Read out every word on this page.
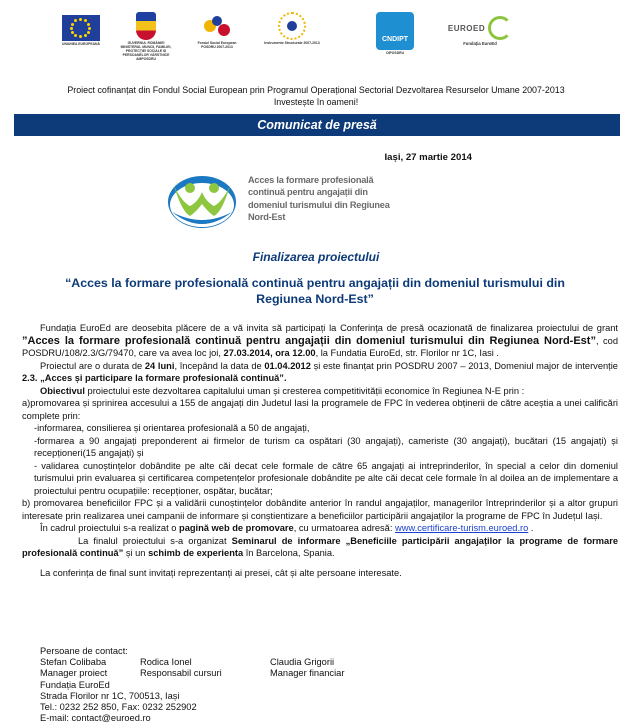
UNIUNEA EUROPEANĂ	GUVERNUL ROMÂNIEI MINISTERUL MUNCII, FAMILIEI, PROTECȚIEI SOCIALE ȘI PERSOANELOR VÂRSTNICE AMPOSDRU
Fondul Social European POSDRU 2007-2013
Instrumente Structurale 2007-2013	CNDIPT
OIPOSDRU
EUROED
Fundația EuroEd
Proiect cofinanțat din Fondul Social European prin Programul Operațional Sectorial Dezvoltarea Resurselor Umane 2007-2013
Investește în oameni!
Comunicat de presă
Iași, 27 martie 2014
Acces la formare profesională continuă pentru angajații din domeniul turismului din Regiunea Nord-Est
Finalizarea proiectului
“Acces la formare profesională continuă pentru angajații din domeniul turismului din Regiunea Nord-Est”

Fundația EuroEd are deosebita plăcere de a vă invita să participați la Conferința de presă ocazionată de finalizarea proiectului de grant ”Acces la formare profesională continuă pentru angajații din domeniul turismului din Regiunea Nord-Est”, cod POSDRU/108/2.3/G/79470, care va avea loc joi, 27.03.2014, ora 12.00, la Fundatia EuroEd, str. Florilor nr 1C, Iasi .

Proiectul are o durata de 24 luni, începând la data de 01.04.2012 și este finanțat prin POSDRU 2007 – 2013, Domeniul major de intervenție 2.3. „Acces și participare la formare profesională continuă”.

Obiectivul proiectului este dezvoltarea capitalului uman și cresterea competitivității economice în Regiunea N-E prin :

a)promovarea și sprinirea accesului a 155 de angajați din Judetul Iasi la programele de FPC în vederea obținerii de către aceștia a unei calificări complete prin:

-informarea, consilierea și orientarea profesională a 50 de angajați,

-formarea a 90 angajați preponderent ai firmelor de turism ca ospătari (30 angajați), cameriste (30 angajați), bucătari (15 angajați) și recepționeri(15 angajați) și

- validarea cunoștințelor dobândite pe alte căi decat cele formale de către 65 angajați ai intreprinderilor, în special a celor din domeniul turismului prin evaluarea și certificarea competențelor profesionale dobândite pe alte căi decat cele formale în al doilea an de implementare a proiectului pentru ocupațiile: recepționer, ospătar, bucătar;

b) promovarea beneficiilor FPC și a validării cunoștințelor dobândite anterior în randul angajaților, managerilor întreprinderilor și a altor grupuri interesate prin realizarea unei campanii de informare și conștientizare a beneficiilor participării angajaților la programe de FPC în Județul Iași.

În cadrul proiectului s-a realizat o pagină web de promovare, cu urmatoarea adresă: www.certificare-turism.euroed.ro .

La finalul proiectului s-a organizat Seminarul de informare „Beneficiile participării angajaților la programe de formare profesională continuă” și un schimb de experienta în Barcelona, Spania.

La conferința de final sunt invitați reprezentanți ai presei, cât și alte persoane interesate.

Persoane de contact:
Stefan Colibaba	Rodica Ionel	Claudia Grigorii
Manager proiect	Responsabil cursuri	Manager financiar
Fundația EuroEd
Strada Florilor nr 1C, 700513, Iași
Tel.: 0232 252 850, Fax: 0232 252902
E-mail: contact@euroed.ro
